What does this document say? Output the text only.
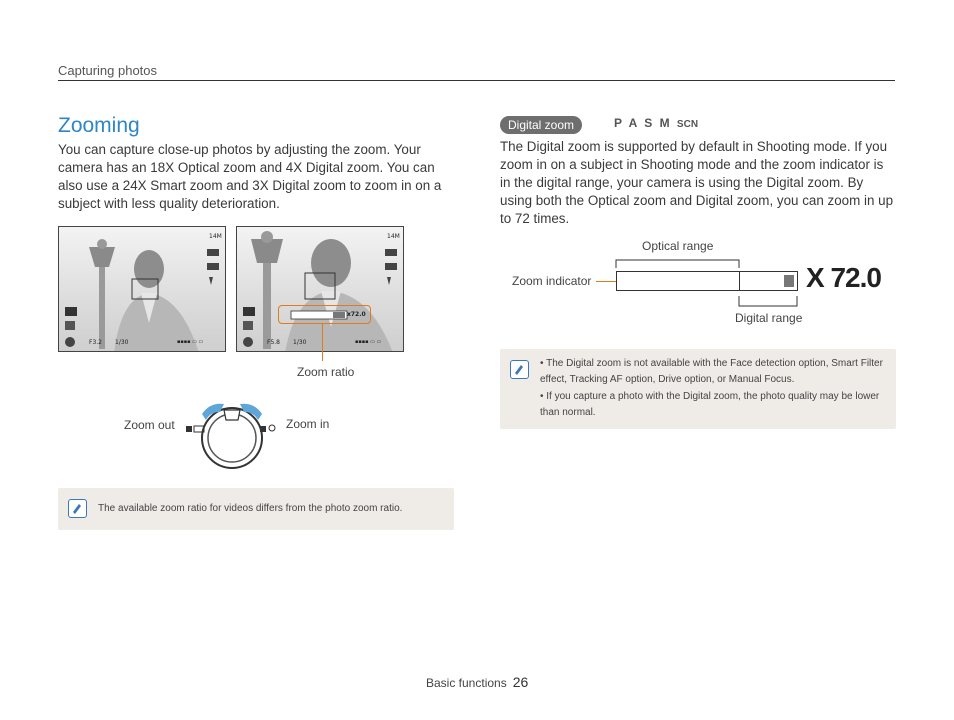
Capturing photos
Zooming

You can capture close-up photos by adjusting the zoom. Your camera has an 18X Optical zoom and 4X Digital zoom. You can also use a 24X Smart zoom and 3X Digital zoom to zoom in on a subject with less quality deterioration.

14M
F3.2 1/30	▪▪▪▪ ▭ ▭
14M
x72.0
F5.8 1/30	▪▪▪▪ ▭ ▭
Zoom ratio
Zoom out	Zoom in
The available zoom ratio for videos differs from the photo zoom ratio.
Digital zoom	P A S M SCN

The Digital zoom is supported by default in Shooting mode. If you zoom in on a subject in Shooting mode and the zoom indicator is in the digital range, your camera is using the Digital zoom. By using both the Optical zoom and Digital zoom, you can zoom in up to 72 times.

Optical range
Zoom indicator	X 72.0
Digital range
• The Digital zoom is not available with the Face detection option, Smart Filter effect, Tracking AF option, Drive option, or Manual Focus.
• If you capture a photo with the Digital zoom, the photo quality may be lower than normal.
Basic functions 26
